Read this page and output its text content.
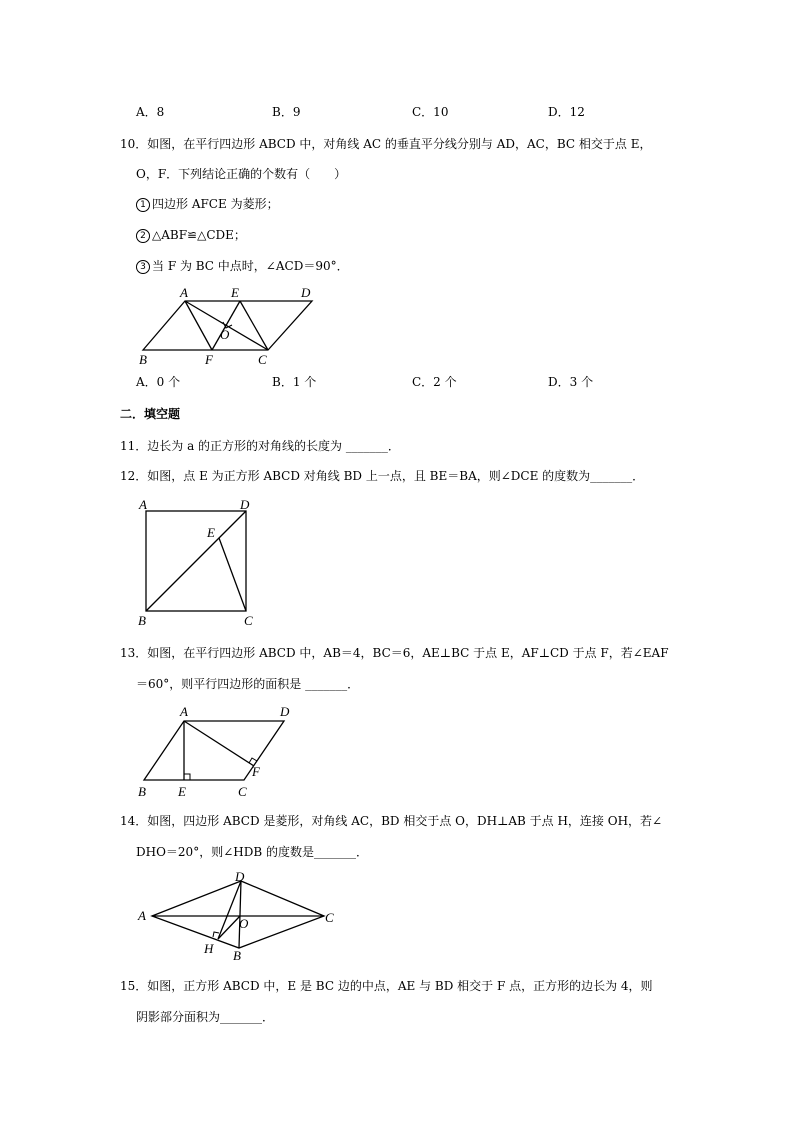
A．8	B．9	C．10	D．12
10．如图，在平行四边形 ABCD 中，对角线 AC 的垂直平分线分别与 AD，AC，BC 相交于点 E，
O，F．下列结论正确的个数有（　　）
1 四边形 AFCE 为菱形；
2 △ABF≌△CDE；
3 当 F 为 BC 中点时，∠ACD＝90°．
A	E	D
O
B	F	C
A．0 个	B．1 个	C．2 个	D．3 个
二．填空题
11．边长为 a 的正方形的对角线的长度为 _______．
12．如图，点 E 为正方形 ABCD 对角线 BD 上一点，且 BE＝BA，则∠DCE 的度数为_______．
A	D
E
B	C
13．如图，在平行四边形 ABCD 中，AB＝4，BC＝6，AE⊥BC 于点 E，AF⊥CD 于点 F，若∠EAF
＝60°，则平行四边形的面积是 _______．
A	D
F
B E	C
14．如图，四边形 ABCD 是菱形，对角线 AC，BD 相交于点 O，DH⊥AB 于点 H，连接 OH，若∠
DHO＝20°，则∠HDB 的度数是_______．
D
A
O	C
H B
15．如图，正方形 ABCD 中，E 是 BC 边的中点，AE 与 BD 相交于 F 点，正方形的边长为 4，则
阴影部分面积为_______．
